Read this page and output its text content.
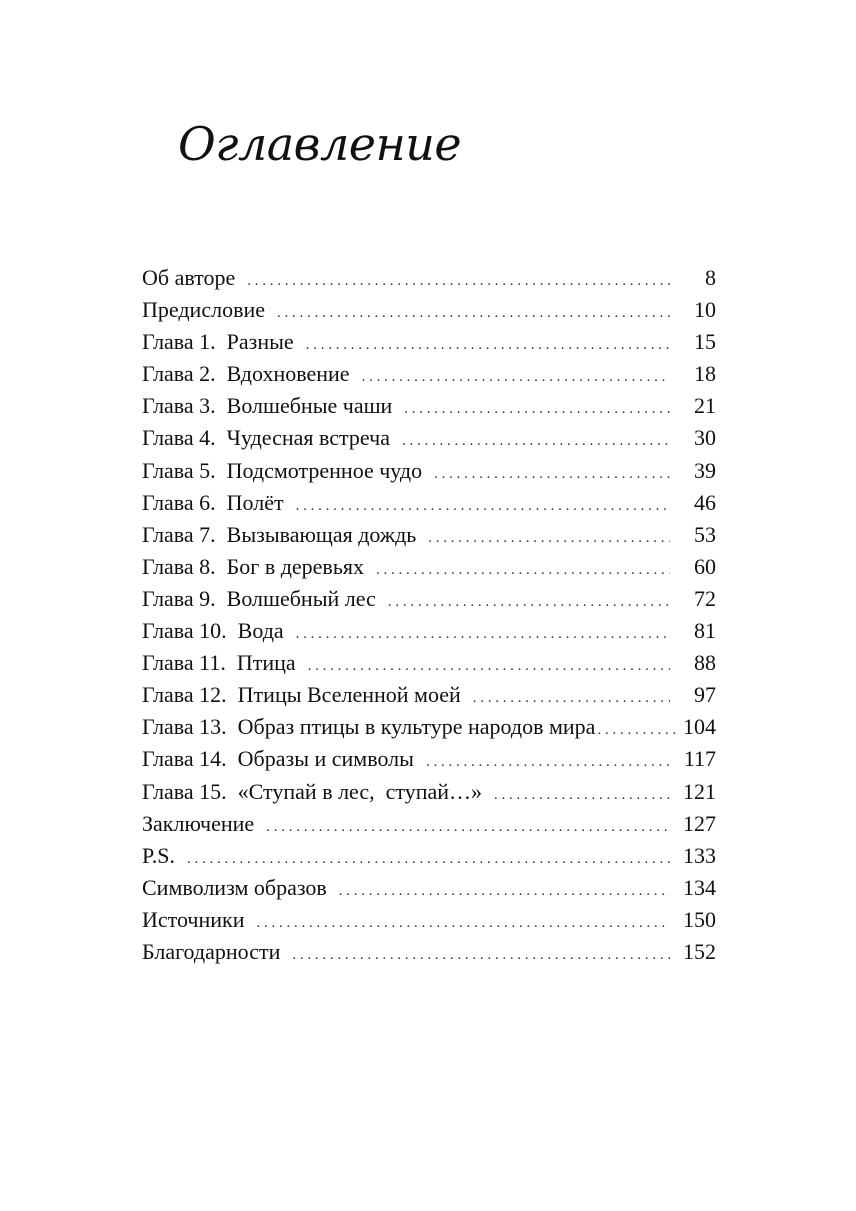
Оглавление
Об автоpe . . .	8
Предисловие . . .	10
Глава 1.  Разные . . .	15
Глава 2.  Вдохновение . . .	18
Глава 3.  Волшебные чаши . . .	21
Глава 4.  Чудесная встреча . . .	30
Глава 5.  Подсмотренное чудо . . .	39
Глава 6.  Полёт . . .	46
Глава 7.  Вызывающая дождь . . .	53
Глава 8.  Бог в деревьях . . .	60
Глава 9.  Волшебный лес . . .	72
Глава 10.  Вода . . .	81
Глава 11.  Птица . . .	88
Глава 12.  Птицы Вселенной моей . . .	97
Глава 13.  Образ птицы в культуре народов мира . . .	104
Глава 14.  Образы и символы . . .	117
Глава 15.  «Ступай в лес,  ступай…» . . .	121
Заключение . . .	127
P.S. . . .	133
Символизм образов . . .	134
Источники . . .	150
Благодарности . . .	152
